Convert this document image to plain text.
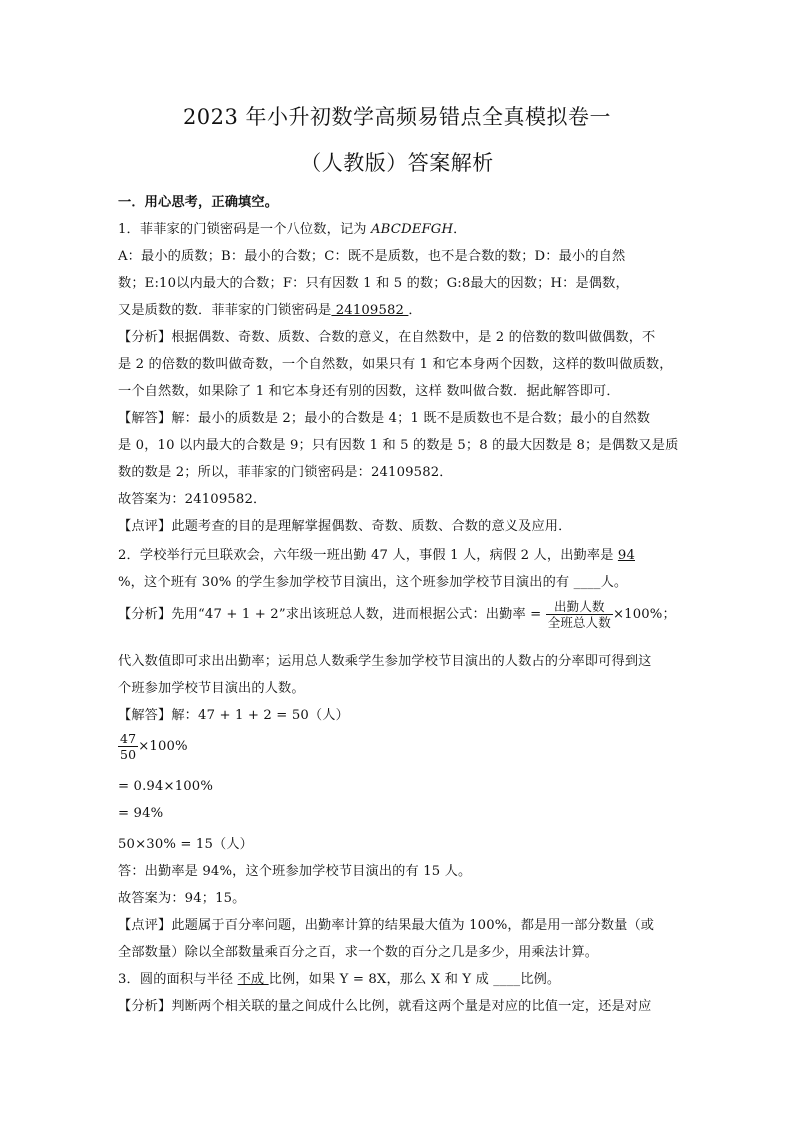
2023 年小升初数学高频易错点全真模拟卷一
（人教版）答案解析
一．用心思考，正确填空。
1．菲菲家的门锁密码是一个八位数，记为 ABCDEFGH．
A：最小的质数；B：最小的合数；C：既不是质数，也不是合数的数；D：最小的自然
数；E:10以内最大的合数；F：只有因数 1 和 5 的数；G:8最大的因数；H：是偶数，
又是质数的数．菲菲家的门锁密码是 24109582 ．
【分析】根据偶数、奇数、质数、合数的意义，在自然数中，是 2 的倍数的数叫做偶数，不
是 2 的倍数的数叫做奇数，一个自然数，如果只有 1 和它本身两个因数，这样的数叫做质数，
一个自然数，如果除了 1 和它本身还有别的因数，这样 数叫做合数．据此解答即可．
【解答】解：最小的质数是 2；最小的合数是 4；1 既不是质数也不是合数；最小的自然数
是 0，10 以内最大的合数是 9；只有因数 1 和 5 的数是 5；8 的最大因数是 8；是偶数又是质
数的数是 2；所以，菲菲家的门锁密码是：24109582．
故答案为：24109582．
【点评】此题考查的目的是理解掌握偶数、奇数、质数、合数的意义及应用．
2．学校举行元旦联欢会，六年级一班出勤 47 人，事假 1 人，病假 2 人，出勤率是 94
%，这个班有 30% 的学生参加学校节目演出，这个班参加学校节目演出的有 ____人。
【分析】先用“47 + 1 + 2”求出该班总人数，进而根据公式：出勤率 = $\frac{\text{出勤人数}}{\text{全班总人数}} \times 100\%$；
代入数值即可求出出勤率；运用总人数乘学生参加学校节目演出的人数占的分率即可得到这
个班参加学校节目演出的人数。
【解答】解：47 + 1 + 2 = 50（人）
$\frac{47}{50} \times 100\%$
= 0.94×100%
= 94%
50×30% = 15（人）
答：出勤率是 94%，这个班参加学校节目演出的有 15 人。
故答案为：94；15。
【点评】此题属于百分率问题，出勤率计算的结果最大值为 100%，都是用一部分数量（或
全部数量）除以全部数量乘百分之百，求一个数的百分之几是多少，用乘法计算。
3．圆的面积与半径 不成 比例，如果 Y = 8X，那么 X 和 Y 成 ____比例。
【分析】判断两个相关联的量之间成什么比例，就看这两个量是对应的比值一定，还是对应
